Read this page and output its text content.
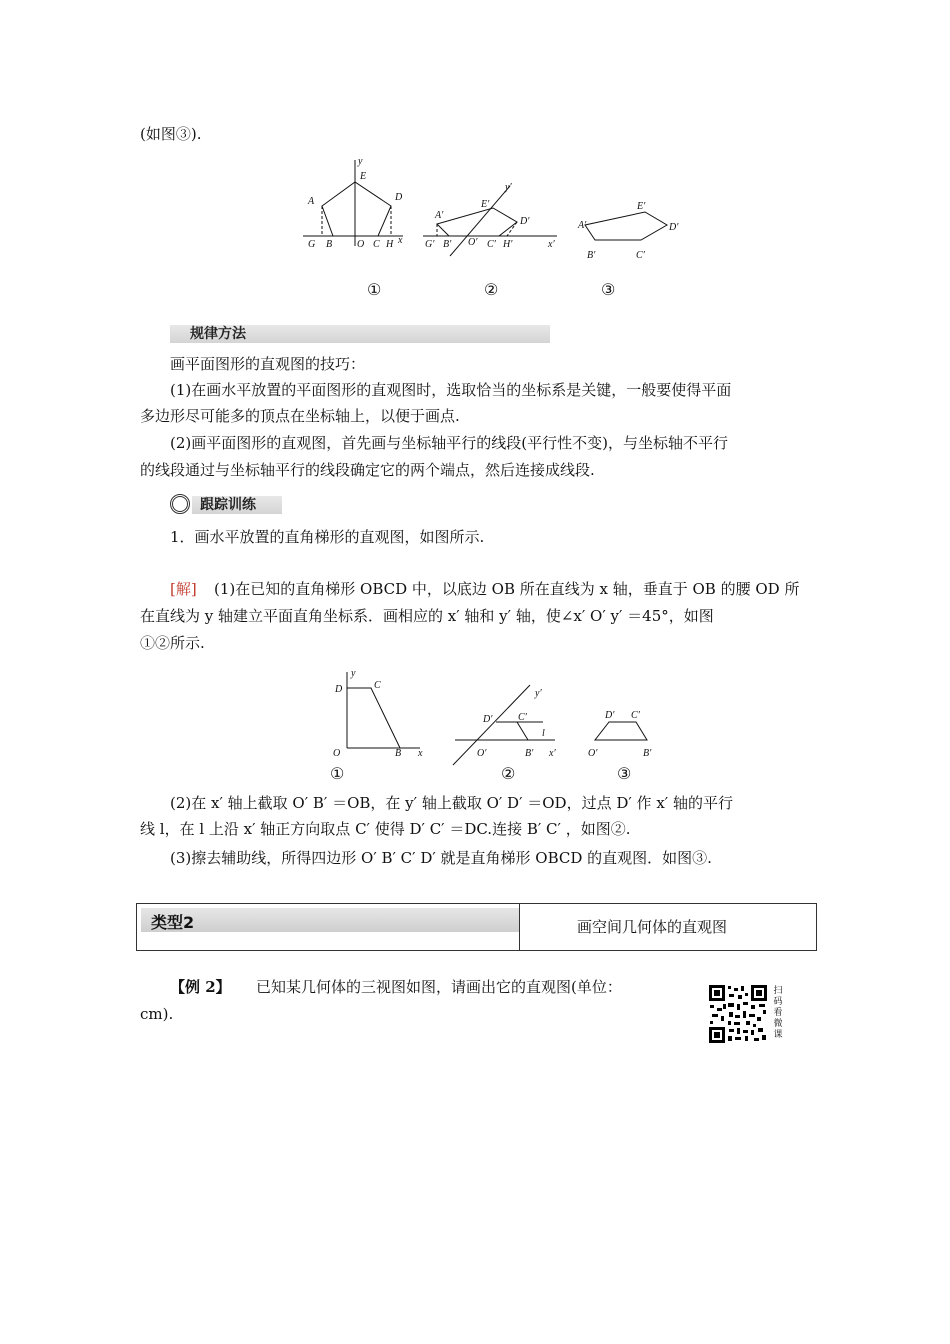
(如图③).
y
x
A
B
G	O C H
D
E
y′
x′
A′
E′
D′
G′ B′ O′ C′ H′
A′
E′
D′
B′	C′
①	②	③
规律方法
画平面图形的直观图的技巧：
(1)在画水平放置的平面图形的直观图时，选取恰当的坐标系是关键，一般要使得平面
多边形尽可能多的顶点在坐标轴上，以便于画点.
(2)画平面图形的直观图，首先画与坐标轴平行的线段(平行性不变)，与坐标轴不平行
的线段通过与坐标轴平行的线段确定它的两个端点，然后连接成线段.
跟踪训练
1．画水平放置的直角梯形的直观图，如图所示.
[解] (1)在已知的直角梯形 OBCD 中，以底边 OB 所在直线为 x 轴，垂直于 OB 的腰 OD 所
在直线为 y 轴建立平面直角坐标系．画相应的 x′ 轴和 y′ 轴，使∠x′ O′ y′ ＝45°，如图
①②所示.
y
x
D	C
O	B
y′
x′
D′	C′
O′	B′
l
D′ C′
O′	B′
①	②	③
(2)在 x′ 轴上截取 O′ B′ ＝OB，在 y′ 轴上截取 O′ D′ ＝OD，过点 D′ 作 x′ 轴的平行
线 l，在 l 上沿 x′ 轴正方向取点 C′ 使得 D′ C′ ＝DC.连接 B′ C′ ，如图②.
(3)擦去辅助线，所得四边形 O′ B′ C′ D′ 就是直角梯形 OBCD 的直观图．如图③.
类型2	画空间几何体的直观图
【例 2】 已知某几何体的三视图如图，请画出它的直观图(单位：
cm).
扫
码
看
微
课
